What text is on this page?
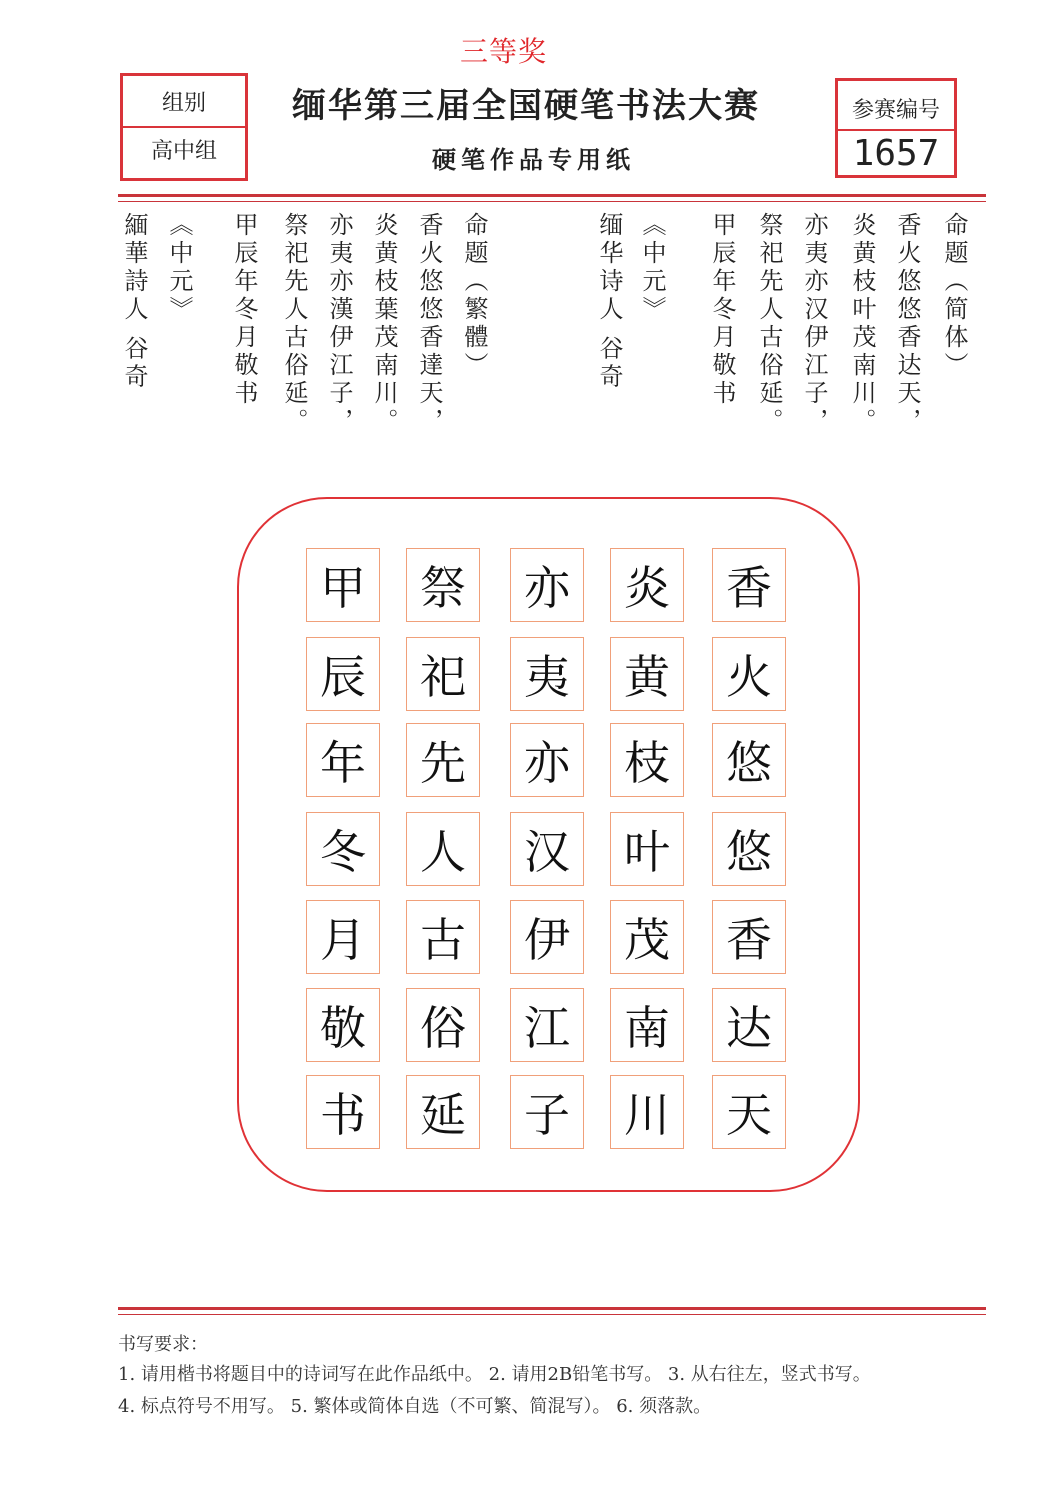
三等奖
组别
高中组
缅华第三届全国硬笔书法大赛
硬笔作品专用纸
参赛编号
1657
命题（繁體）
香火悠悠香達天，
炎黄枝葉茂南川。
亦夷亦漢伊江子，
祭祀先人古俗延。
甲辰年冬月敬书
《中元》
緬華詩人 谷奇	命题（简体）
香火悠悠香达天，
炎黄枝叶茂南川。
亦夷亦汉伊江子，
祭祀先人古俗延。
甲辰年冬月敬书
《中元》
缅华诗人 谷奇
甲
辰
年
冬
月
敬
书
祭
祀
先
人
古
俗
延
亦
夷
亦
汉
伊
江
子
炎
黄
枝
叶
茂
南
川
香
火
悠
悠
香
达
天
书写要求：
1. 请用楷书将题目中的诗词写在此作品纸中。 2. 请用2B铅笔书写。 3. 从右往左，竖式书写。
4. 标点符号不用写。 5. 繁体或简体自选（不可繁、简混写）。 6. 须落款。
